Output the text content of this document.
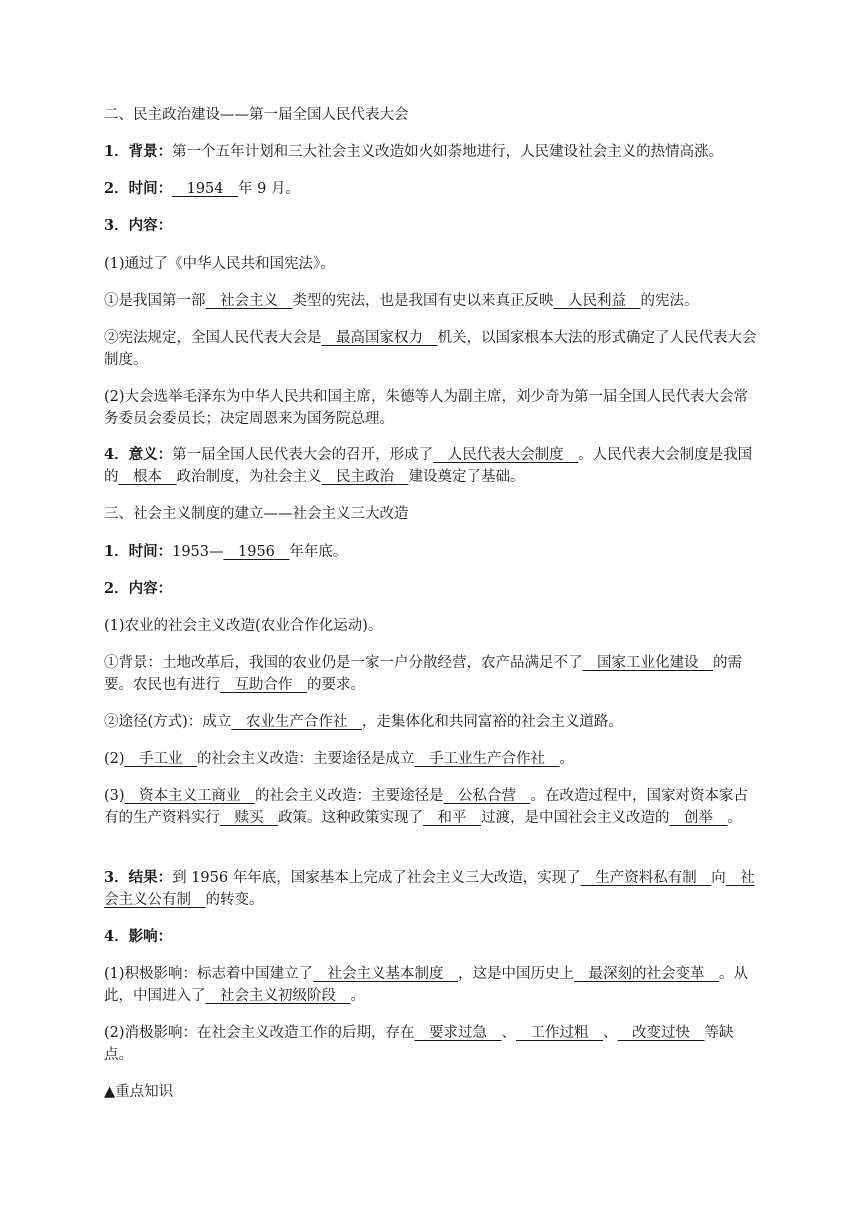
二、民主政治建设——第一届全国人民代表大会
1．背景：第一个五年计划和三大社会主义改造如火如荼地进行，人民建设社会主义的热情高涨。
2．时间：__1954__年 9 月。
3．内容：
(1)通过了《中华人民共和国宪法》。
①是我国第一部__社会主义__类型的宪法，也是我国有史以来真正反映__人民利益__的宪法。
②宪法规定，全国人民代表大会是__最高国家权力__机关，以国家根本大法的形式确定了人民代表大会制度。
(2)大会选举毛泽东为中华人民共和国主席，朱德等人为副主席，刘少奇为第一届全国人民代表大会常务委员会委员长；决定周恩来为国务院总理。
4．意义：第一届全国人民代表大会的召开，形成了__人民代表大会制度__。人民代表大会制度是我国的__根本__政治制度，为社会主义__民主政治__建设奠定了基础。
三、社会主义制度的建立——社会主义三大改造
1．时间：1953—__1956__年年底。
2．内容：
(1)农业的社会主义改造(农业合作化运动)。
①背景：土地改革后，我国的农业仍是一家一户分散经营，农产品满足不了__国家工业化建设__的需要。农民也有进行__互助合作__的要求。
②途径(方式)：成立__农业生产合作社__，走集体化和共同富裕的社会主义道路。
(2)__手工业__的社会主义改造：主要途径是成立__手工业生产合作社__。
(3)__资本主义工商业__的社会主义改造：主要途径是__公私合营__。在改造过程中，国家对资本家占有的生产资料实行__赎买__政策。这种政策实现了__和平__过渡，是中国社会主义改造的__创举__。
3．结果：到 1956 年年底，国家基本上完成了社会主义三大改造，实现了__生产资料私有制__向__社会主义公有制__的转变。
4．影响：
(1)积极影响：标志着中国建立了__社会主义基本制度__，这是中国历史上__最深刻的社会变革__。从此，中国进入了__社会主义初级阶段__。
(2)消极影响：在社会主义改造工作的后期，存在__要求过急__、__工作过粗__、__改变过快__等缺点。
▲重点知识
